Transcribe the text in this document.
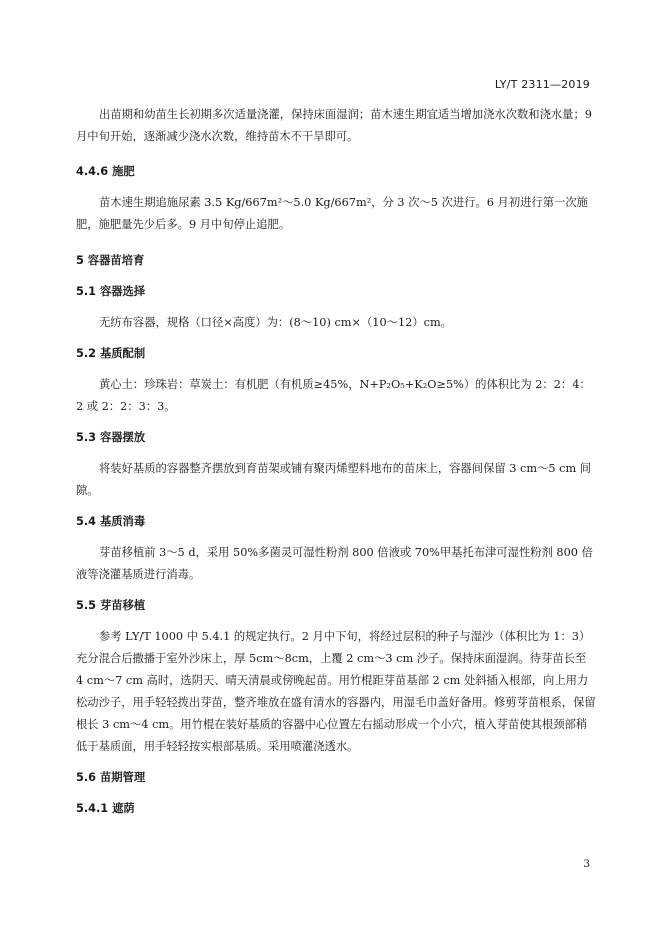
LY/T 2311—2019

出苗期和幼苗生长初期多次适量浇灌，保持床面湿润；苗木速生期宜适当增加浇水次数和浇水量；9 月中旬开始，逐渐减少浇水次数，维持苗木不干旱即可。

4.4.6 施肥

苗木速生期追施尿素 3.5 Kg/667m²～5.0 Kg/667m²，分 3 次～5 次进行。6 月初进行第一次施肥，施肥量先少后多。9 月中旬停止追肥。

5 容器苗培育
5.1 容器选择

无纺布容器，规格（口径×高度）为：(8～10) cm×（10～12）cm。

5.2 基质配制

黄心土：珍珠岩：草炭土：有机肥（有机质≥45%，N+P₂O₅+K₂O≥5%）的体积比为 2：2：4：2 或 2：2：3：3。

5.3 容器摆放

将装好基质的容器整齐摆放到育苗架或铺有聚丙烯塑料地布的苗床上，容器间保留 3 cm～5 cm 间隙。

5.4 基质消毒

芽苗移植前 3～5 d，采用 50%多菌灵可湿性粉剂 800 倍液或 70%甲基托布津可湿性粉剂 800 倍液等浇灌基质进行消毒。

5.5 芽苗移植

参考 LY/T 1000 中 5.4.1 的规定执行。2 月中下旬，将经过层积的种子与湿沙（体积比为 1：3）充分混合后撒播于室外沙床上，厚 5cm～8cm，上覆 2 cm～3 cm 沙子。保持床面湿润。待芽苗长至 4 cm～7 cm 高时，选阴天、晴天清晨或傍晚起苗。用竹棍距芽苗基部 2 cm 处斜插入根部，向上用力松动沙子，用手轻轻拨出芽苗，整齐堆放在盛有清水的容器内，用湿毛巾盖好备用。修剪芽苗根系，保留根长 3 cm～4 cm。用竹棍在装好基质的容器中心位置左右摇动形成一个小穴，植入芽苗使其根颈部稍低于基质面，用手轻轻按实根部基质。采用喷灌浇透水。

5.6 苗期管理
5.4.1 遮荫
3
